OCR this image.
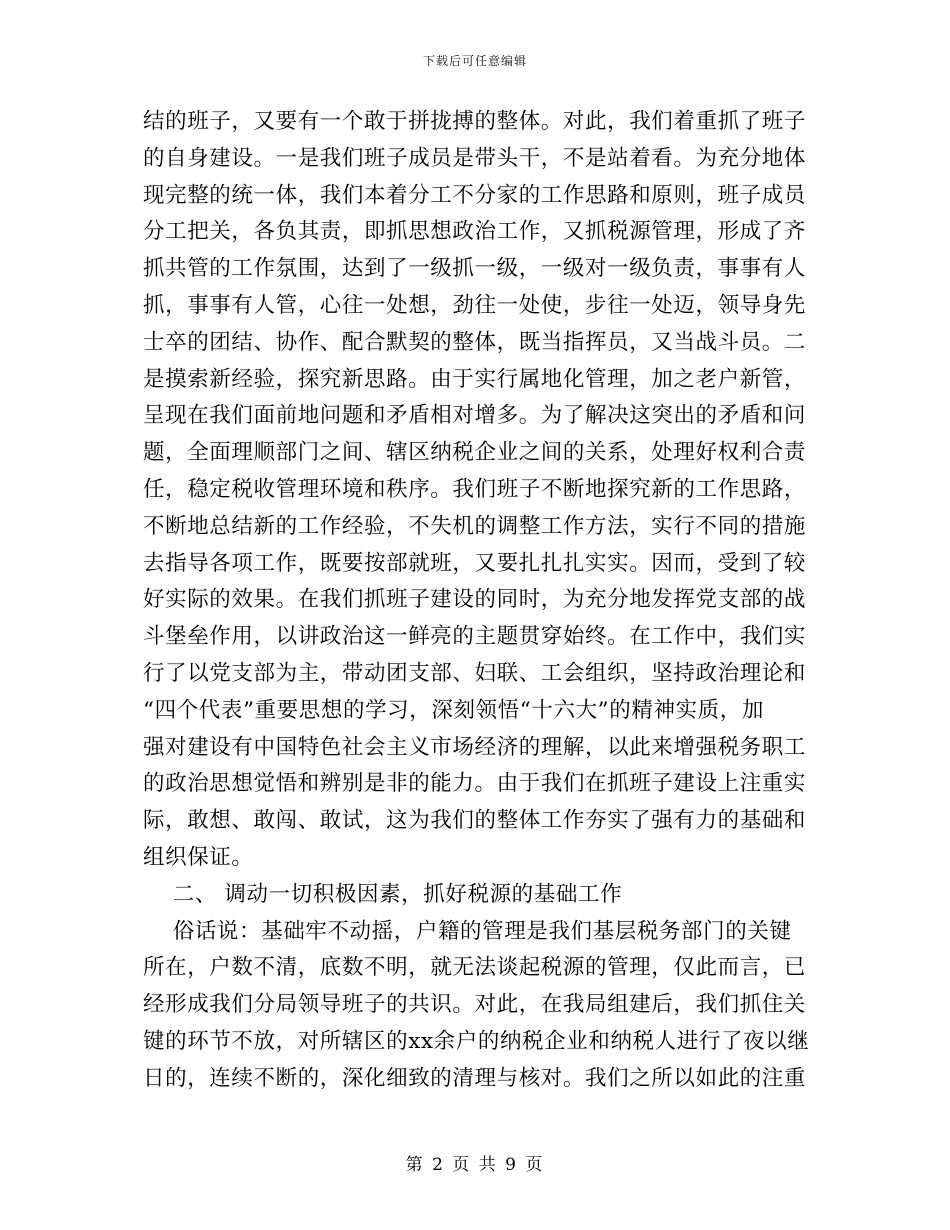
下载后可任意编辑
结的班子，又要有一个敢于拼拢搏的整体。对此，我们着重抓了班子
的自身建设。一是我们班子成员是带头干，不是站着看。为充分地体
现完整的统一体，我们本着分工不分家的工作思路和原则，班子成员
分工把关，各负其责，即抓思想政治工作，又抓税源管理，形成了齐
抓共管的工作氛围，达到了一级抓一级，一级对一级负责，事事有人
抓，事事有人管，心往一处想，劲往一处使，步往一处迈，领导身先
士卒的团结、协作、配合默契的整体，既当指挥员，又当战斗员。二
是摸索新经验，探究新思路。由于实行属地化管理，加之老户新管，
呈现在我们面前地问题和矛盾相对增多。为了解决这突出的矛盾和问
题，全面理顺部门之间、辖区纳税企业之间的关系，处理好权利合责
任，稳定税收管理环境和秩序。我们班子不断地探究新的工作思路，
不断地总结新的工作经验，不失机的调整工作方法，实行不同的措施
去指导各项工作，既要按部就班，又要扎扎扎实实。因而，受到了较
好实际的效果。在我们抓班子建设的同时，为充分地发挥党支部的战
斗堡垒作用，以讲政治这一鲜亮的主题贯穿始终。在工作中，我们实
行了以党支部为主，带动团支部、妇联、工会组织，坚持政治理论和
“四个代表”重要思想的学习，深刻领悟“十六大”的精神实质，加
强对建设有中国特色社会主义市场经济的理解，以此来增强税务职工
的政治思想觉悟和辨别是非的能力。由于我们在抓班子建设上注重实
际，敢想、敢闯、敢试，这为我们的整体工作夯实了强有力的基础和
组织保证。
二、 调动一切积极因素，抓好税源的基础工作
俗话说：基础牢不动摇，户籍的管理是我们基层税务部门的关键
所在，户数不清，底数不明，就无法谈起税源的管理，仅此而言，已
经形成我们分局领导班子的共识。对此，在我局组建后，我们抓住关
键的环节不放，对所辖区的xx余户的纳税企业和纳税人进行了夜以继
日的，连续不断的，深化细致的清理与核对。我们之所以如此的注重
第 2 页 共 9 页
